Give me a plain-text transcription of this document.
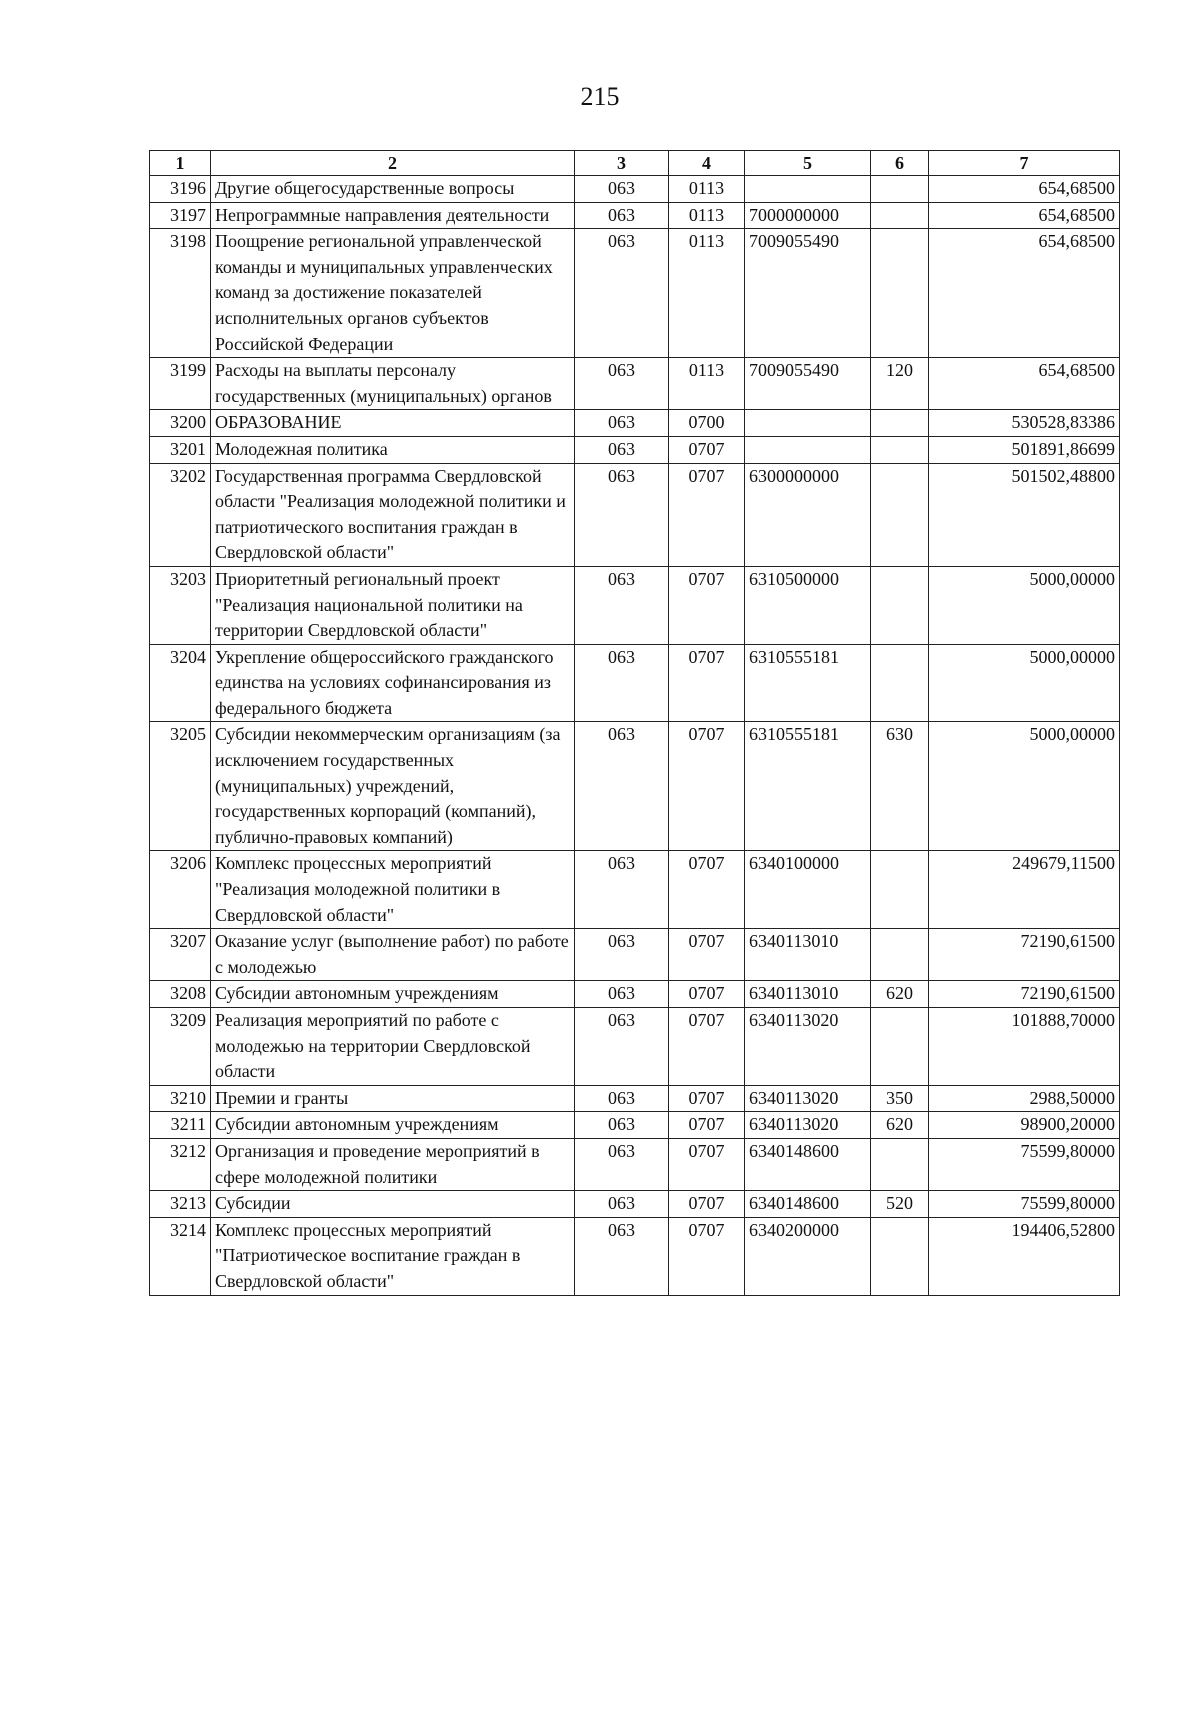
215
1	2	3	4	5	6	7
3196	Другие общегосударственные вопросы	063	0113			654,68500
3197	Непрограммные направления деятельности	063	0113	7000000000		654,68500
3198	Поощрение региональной управленческой команды и муниципальных управленческих команд за достижение показателей исполнительных органов субъектов Российской Федерации	063	0113	7009055490		654,68500
3199	Расходы на выплаты персоналу государственных (муниципальных) органов	063	0113	7009055490	120	654,68500
3200	ОБРАЗОВАНИЕ	063	0700			530528,83386
3201	Молодежная политика	063	0707			501891,86699
3202	Государственная программа Свердловской области "Реализация молодежной политики и патриотического воспитания граждан в Свердловской области"	063	0707	6300000000		501502,48800
3203	Приоритетный региональный проект "Реализация национальной политики на территории Свердловской области"	063	0707	6310500000		5000,00000
3204	Укрепление общероссийского гражданского единства на условиях софинансирования из федерального бюджета	063	0707	6310555181		5000,00000
3205	Субсидии некоммерческим организациям (за исключением государственных (муниципальных) учреждений, государственных корпораций (компаний), публично-правовых компаний)	063	0707	6310555181	630	5000,00000
3206	Комплекс процессных мероприятий "Реализация молодежной политики в Свердловской области"	063	0707	6340100000		249679,11500
3207	Оказание услуг (выполнение работ) по работе с молодежью	063	0707	6340113010		72190,61500
3208	Субсидии автономным учреждениям	063	0707	6340113010	620	72190,61500
3209	Реализация мероприятий по работе с молодежью на территории Свердловской области	063	0707	6340113020		101888,70000
3210	Премии и гранты	063	0707	6340113020	350	2988,50000
3211	Субсидии автономным учреждениям	063	0707	6340113020	620	98900,20000
3212	Организация и проведение мероприятий в сфере молодежной политики	063	0707	6340148600		75599,80000
3213	Субсидии	063	0707	6340148600	520	75599,80000
3214	Комплекс процессных мероприятий "Патриотическое воспитание граждан в Свердловской области"	063	0707	6340200000		194406,52800
